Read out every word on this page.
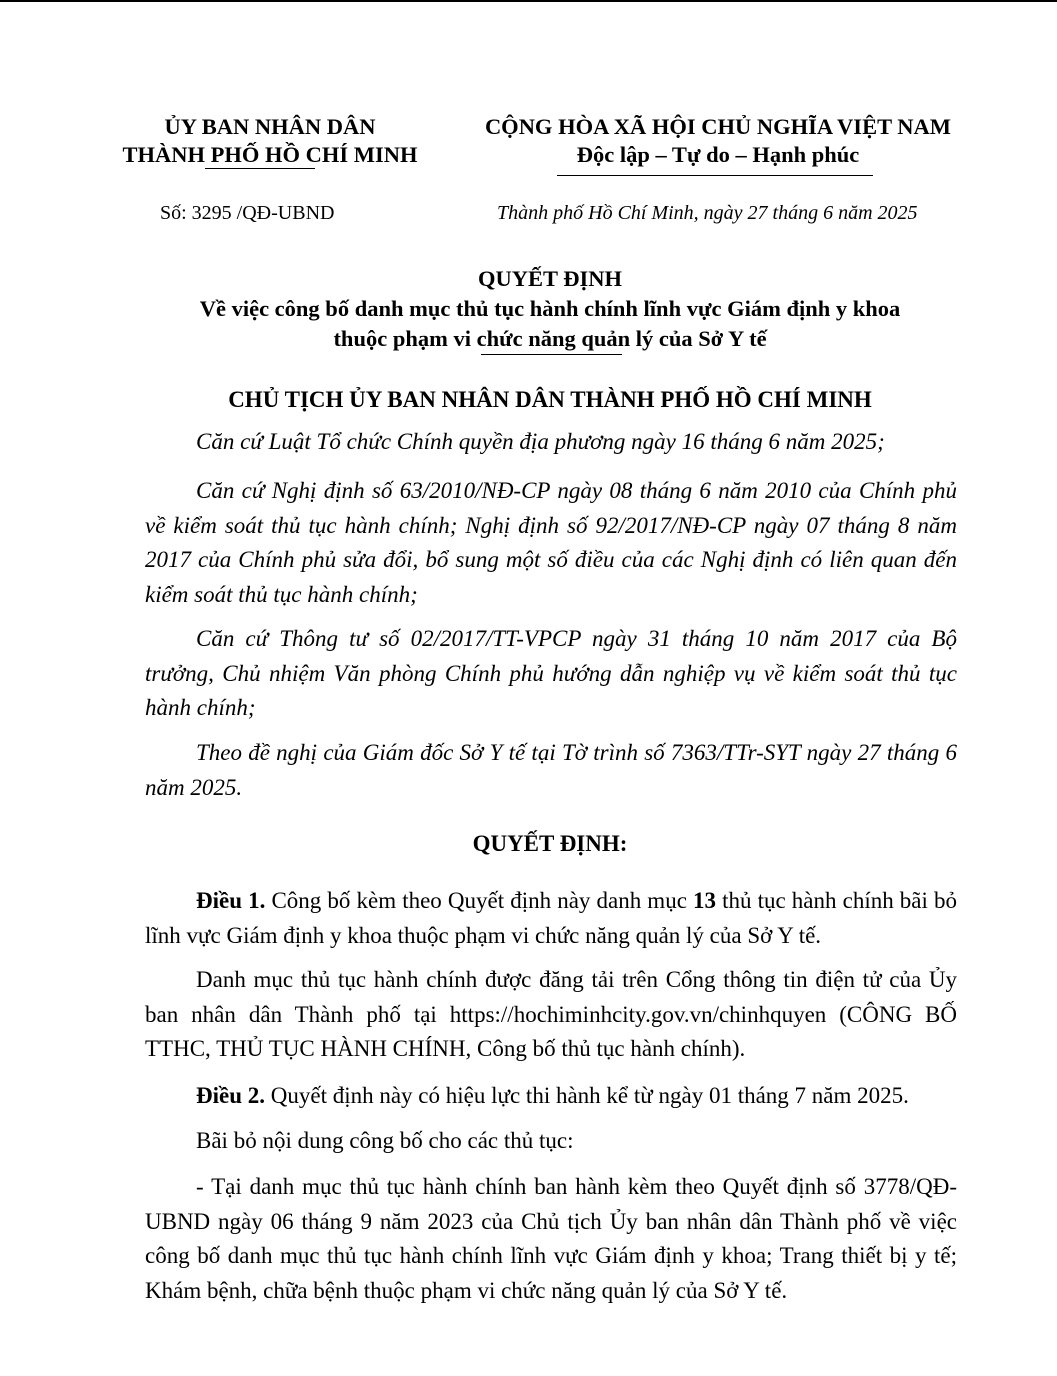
ỦY BAN NHÂN DÂN
THÀNH PHỐ HỒ CHÍ MINH
CỘNG HÒA XÃ HỘI CHỦ NGHĨA VIỆT NAM
Độc lập – Tự do – Hạnh phúc
Số: 3295 /QĐ-UBND	Thành phố Hồ Chí Minh, ngày 27 tháng 6 năm 2025
QUYẾT ĐỊNH
Về việc công bố danh mục thủ tục hành chính lĩnh vực Giám định y khoa
thuộc phạm vi chức năng quản lý của Sở Y tế
CHỦ TỊCH ỦY BAN NHÂN DÂN THÀNH PHỐ HỒ CHÍ MINH
Căn cứ Luật Tổ chức Chính quyền địa phương ngày 16 tháng 6 năm 2025;
Căn cứ Nghị định số 63/2010/NĐ-CP ngày 08 tháng 6 năm 2010 của Chính phủ về kiểm soát thủ tục hành chính; Nghị định số 92/2017/NĐ-CP ngày 07 tháng 8 năm 2017 của Chính phủ sửa đổi, bổ sung một số điều của các Nghị định có liên quan đến kiểm soát thủ tục hành chính;
Căn cứ Thông tư số 02/2017/TT-VPCP ngày 31 tháng 10 năm 2017 của Bộ trưởng, Chủ nhiệm Văn phòng Chính phủ hướng dẫn nghiệp vụ về kiểm soát thủ tục hành chính;
Theo đề nghị của Giám đốc Sở Y tế tại Tờ trình số 7363/TTr-SYT ngày 27 tháng 6 năm 2025.
QUYẾT ĐỊNH:
Điều 1. Công bố kèm theo Quyết định này danh mục 13 thủ tục hành chính bãi bỏ lĩnh vực Giám định y khoa thuộc phạm vi chức năng quản lý của Sở Y tế.
Danh mục thủ tục hành chính được đăng tải trên Cổng thông tin điện tử của Ủy ban nhân dân Thành phố tại https://hochiminhcity.gov.vn/chinhquyen (CÔNG BỐ TTHC, THỦ TỤC HÀNH CHÍNH, Công bố thủ tục hành chính).
Điều 2. Quyết định này có hiệu lực thi hành kể từ ngày 01 tháng 7 năm 2025.
Bãi bỏ nội dung công bố cho các thủ tục:
- Tại danh mục thủ tục hành chính ban hành kèm theo Quyết định số 3778/QĐ-UBND ngày 06 tháng 9 năm 2023 của Chủ tịch Ủy ban nhân dân Thành phố về việc công bố danh mục thủ tục hành chính lĩnh vực Giám định y khoa; Trang thiết bị y tế; Khám bệnh, chữa bệnh thuộc phạm vi chức năng quản lý của Sở Y tế.
